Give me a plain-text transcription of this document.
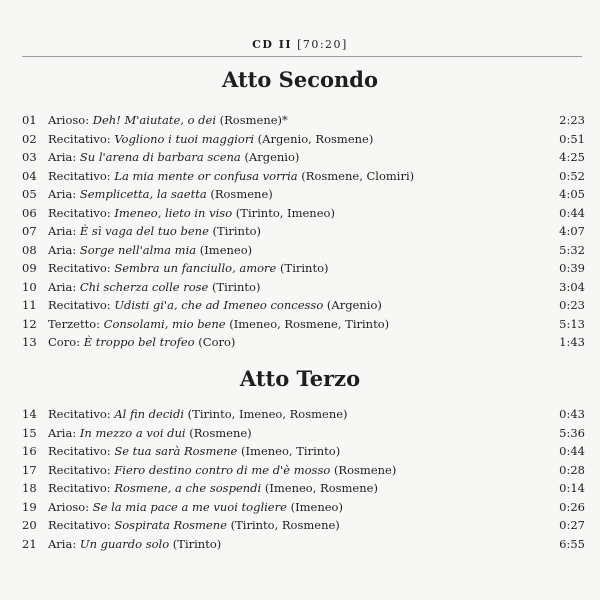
CD II [70:20]
Atto Secondo
01 Arioso: Deh! M'aiutate, o dei (Rosmene)*	2:23
02 Recitativo: Vogliono i tuoi maggiori (Argenio, Rosmene)	0:51
03 Aria: Su l'arena di barbara scena (Argenio)	4:25
04 Recitativo: La mia mente or confusa vorria (Rosmene, Clomiri)	0:52
05 Aria: Semplicetta, la saetta (Rosmene)	4:05
06 Recitativo: Imeneo, lieto in viso (Tirinto, Imeneo)	0:44
07 Aria: È sì vaga del tuo bene (Tirinto)	4:07
08 Aria: Sorge nell'alma mia (Imeneo)	5:32
09 Recitativo: Sembra un fanciullo, amore (Tirinto)	0:39
10 Aria: Chi scherza colle rose (Tirinto)	3:04
11 Recitativo: Udisti gi'a, che ad Imeneo concesso (Argenio)	0:23
12 Terzetto: Consolami, mio bene (Imeneo, Rosmene, Tirinto)	5:13
13 Coro: È troppo bel trofeo (Coro)	1:43
Atto Terzo
14 Recitativo: Al fin decidi (Tirinto, Imeneo, Rosmene)	0:43
15 Aria: In mezzo a voi dui (Rosmene)	5:36
16 Recitativo: Se tua sarà Rosmene (Imeneo, Tirinto)	0:44
17 Recitativo: Fiero destino contro di me d'è mosso (Rosmene)	0:28
18 Recitativo: Rosmene, a che sospendi (Imeneo, Rosmene)	0:14
19 Arioso: Se la mia pace a me vuoi togliere (Imeneo)	0:26
20 Recitativo: Sospirata Rosmene (Tirinto, Rosmene)	0:27
21 Aria: Un guardo solo (Tirinto)	6:55
